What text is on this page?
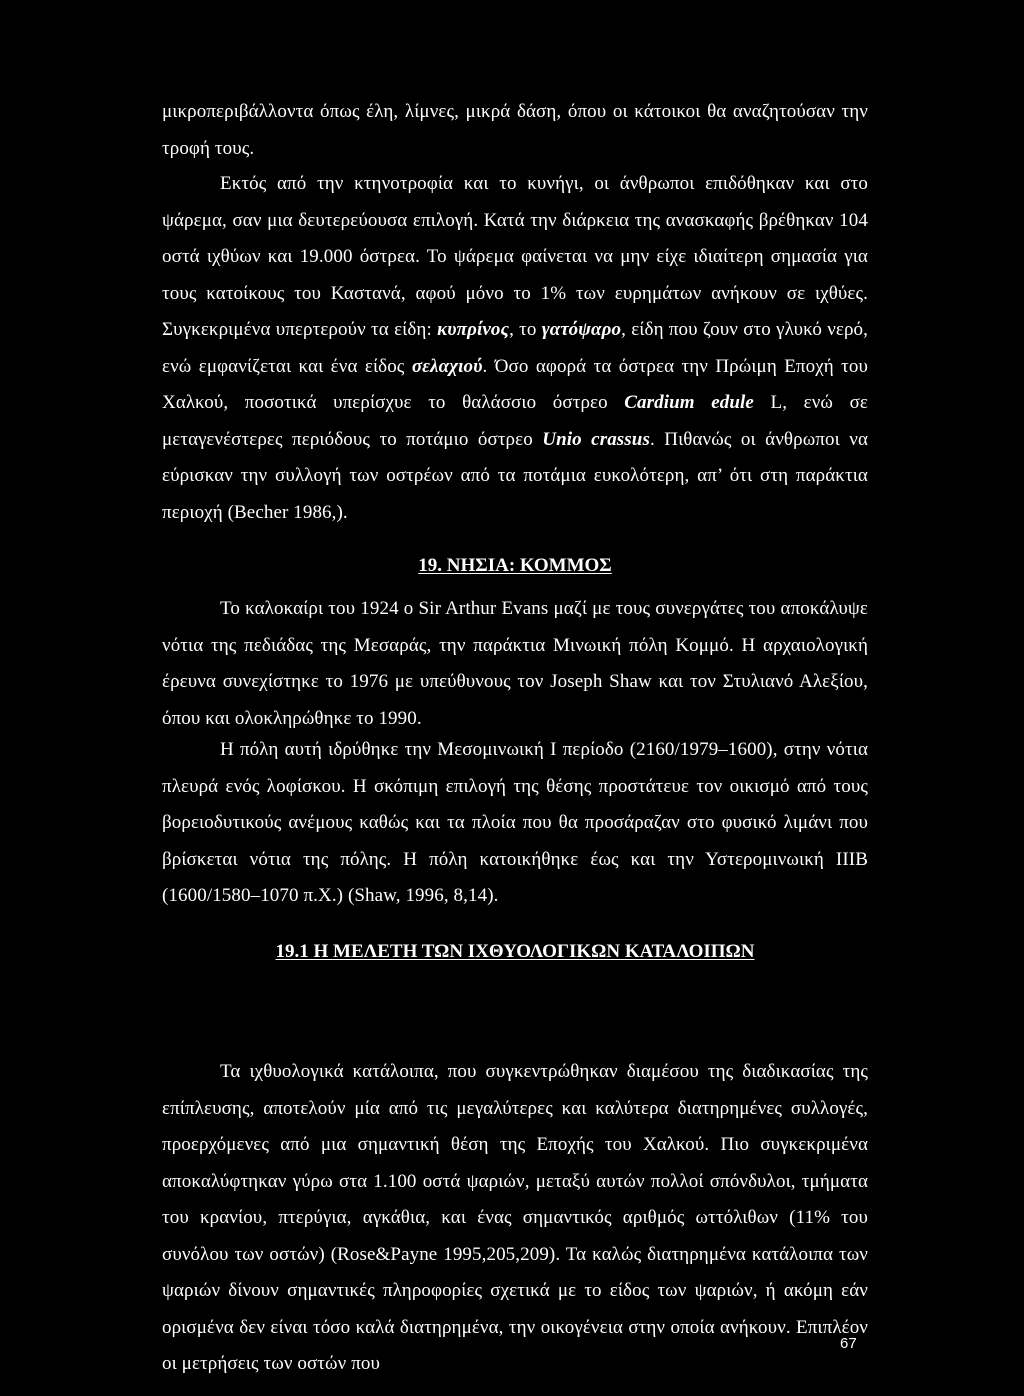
μικροπεριβάλλοντα όπως έλη, λίμνες, μικρά δάση, όπου οι κάτοικοι θα αναζητούσαν την τροφή τους.

Εκτός από την κτηνοτροφία και το κυνήγι, οι άνθρωποι επιδόθηκαν και στο ψάρεμα, σαν μια δευτερεύουσα επιλογή. Κατά την διάρκεια της ανασκαφής βρέθηκαν 104 οστά ιχθύων και 19.000 όστρεα. Το ψάρεμα φαίνεται να μην είχε ιδιαίτερη σημασία για τους κατοίκους του Καστανά, αφού μόνο το 1% των ευρημάτων ανήκουν σε ιχθύες. Συγκεκριμένα υπερτερούν τα είδη: κυπρίνος, το γατόψαρο, είδη που ζουν στο γλυκό νερό, ενώ εμφανίζεται και ένα είδος σελαχιού. Όσο αφορά τα όστρεα την Πρώιμη Εποχή του Χαλκού, ποσοτικά υπερίσχυε το θαλάσσιο όστρεο Cardium edule L, ενώ σε μεταγενέστερες περιόδους το ποτάμιο όστρεο Unio crassus. Πιθανώς οι άνθρωποι να εύρισκαν την συλλογή των οστρέων από τα ποτάμια ευκολότερη, απ’ ότι στη παράκτια περιοχή (Becher 1986,).

19. ΝΗΣΙΑ: ΚΟΜΜΟΣ

Το καλοκαίρι του 1924 ο Sir Arthur Evans μαζί με τους συνεργάτες του αποκάλυψε νότια της πεδιάδας της Μεσαράς, την παράκτια Μινωική πόλη Κομμό. Η αρχαιολογική έρευνα συνεχίστηκε το 1976 με υπεύθυνους τον Joseph Shaw και τον Στυλιανό Αλεξίου, όπου και ολοκληρώθηκε το 1990.

Η πόλη αυτή ιδρύθηκε την Μεσομινωική Ι περίοδο (2160/1979–1600), στην νότια πλευρά ενός λοφίσκου. Η σκόπιμη επιλογή της θέσης προστάτευε τον οικισμό από τους βορειοδυτικούς ανέμους καθώς και τα πλοία που θα προσάραζαν στο φυσικό λιμάνι που βρίσκεται νότια της πόλης. Η πόλη κατοικήθηκε έως και την Υστερομινωική ΙΙΙΒ (1600/1580–1070 π.Χ.) (Shaw, 1996, 8,14).

19.1 Η ΜΕΛΕΤΗ ΤΩΝ ΙΧΘΥΟΛΟΓΙΚΩΝ ΚΑΤΑΛΟΙΠΩΝ

Τα ιχθυολογικά κατάλοιπα, που συγκεντρώθηκαν διαμέσου της διαδικασίας της επίπλευσης, αποτελούν μία από τις μεγαλύτερες και καλύτερα διατηρημένες συλλογές, προερχόμενες από μια σημαντική θέση της Εποχής του Χαλκού. Πιο συγκεκριμένα αποκαλύφτηκαν γύρω στα 1.100 οστά ψαριών, μεταξύ αυτών πολλοί σπόνδυλοι, τμήματα του κρανίου, πτερύγια, αγκάθια, και ένας σημαντικός αριθμός ωττόλιθων (11% του συνόλου των οστών) (Rose&Payne 1995,205,209). Τα καλώς διατηρημένα κατάλοιπα των ψαριών δίνουν σημαντικές πληροφορίες σχετικά με το είδος των ψαριών, ή ακόμη εάν ορισμένα δεν είναι τόσο καλά διατηρημένα, την οικογένεια στην οποία ανήκουν. Επιπλέον οι μετρήσεις των οστών που

67
